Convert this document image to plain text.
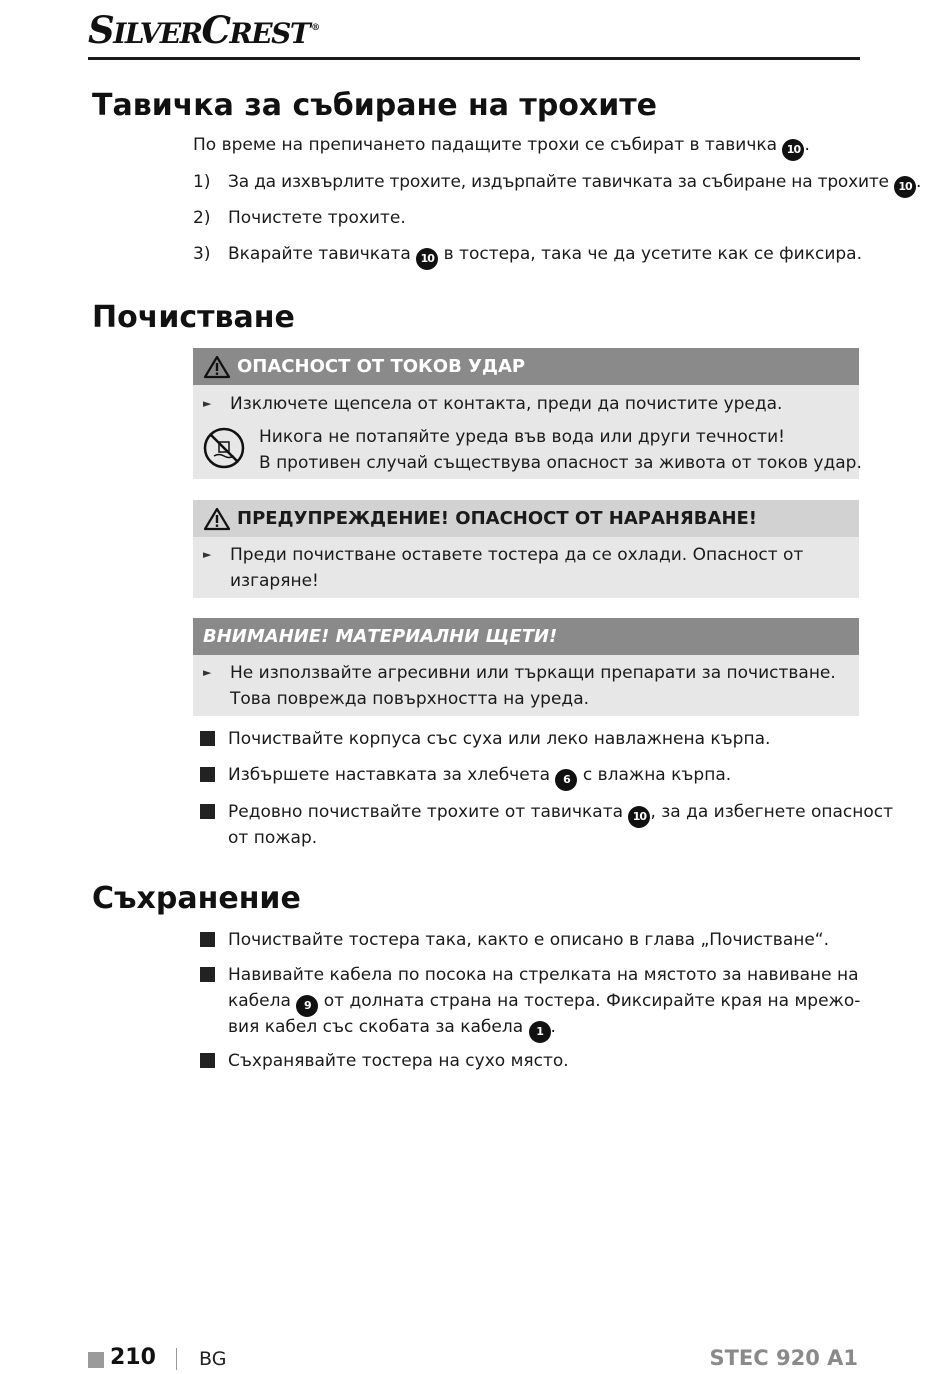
SILVERCREST ®
Тавичка за събиране на трохите
По време на препичането падащите трохи се събират в тавичка 10 .
1) За да изхвърлите трохите, издърпайте тавичката за събиране на трохите 10 .
2) Почистете трохите.
3) Вкарайте тавичката 10 в тостера, така че да усетите как се фиксира.
Почистване
ОПАСНОСТ ОТ ТОКОВ УДАР
► Изключете щепсела от контакта, преди да почистите уреда.
Никога не потапяйте уреда във вода или други течности!
В противен случай съществува опасност за живота от токов удар.
ПРЕДУПРЕЖДЕНИЕ! ОПАСНОСТ ОТ НАРАНЯВАНЕ!
► Преди почистване оставете тостера да се охлади. Опасност от
изгаряне!
ВНИМАНИЕ! МАТЕРИАЛНИ ЩЕТИ!
► Не използвайте агресивни или търкащи препарати за почистване.
Това поврежда повърхността на уреда.
Почиствайте корпуса със суха или леко навлажнена кърпа.
Избършете наставката за хлебчета 6 с влажна кърпа.
Редовно почиствайте трохите от тавичката 10 , за да избегнете опасност
от пожар.
Съхранение
Почиствайте тостера така, както е описано в глава „Почистване“.
Навивайте кабела по посока на стрелката на мястото за навиване на
кабела 9 от долната страна на тостера. Фиксирайте края на мрежо-
вия кабел със скобата за кабела 1 .
Съхранявайте тостера на сухо място.
210 BG	STEC 920 A1
